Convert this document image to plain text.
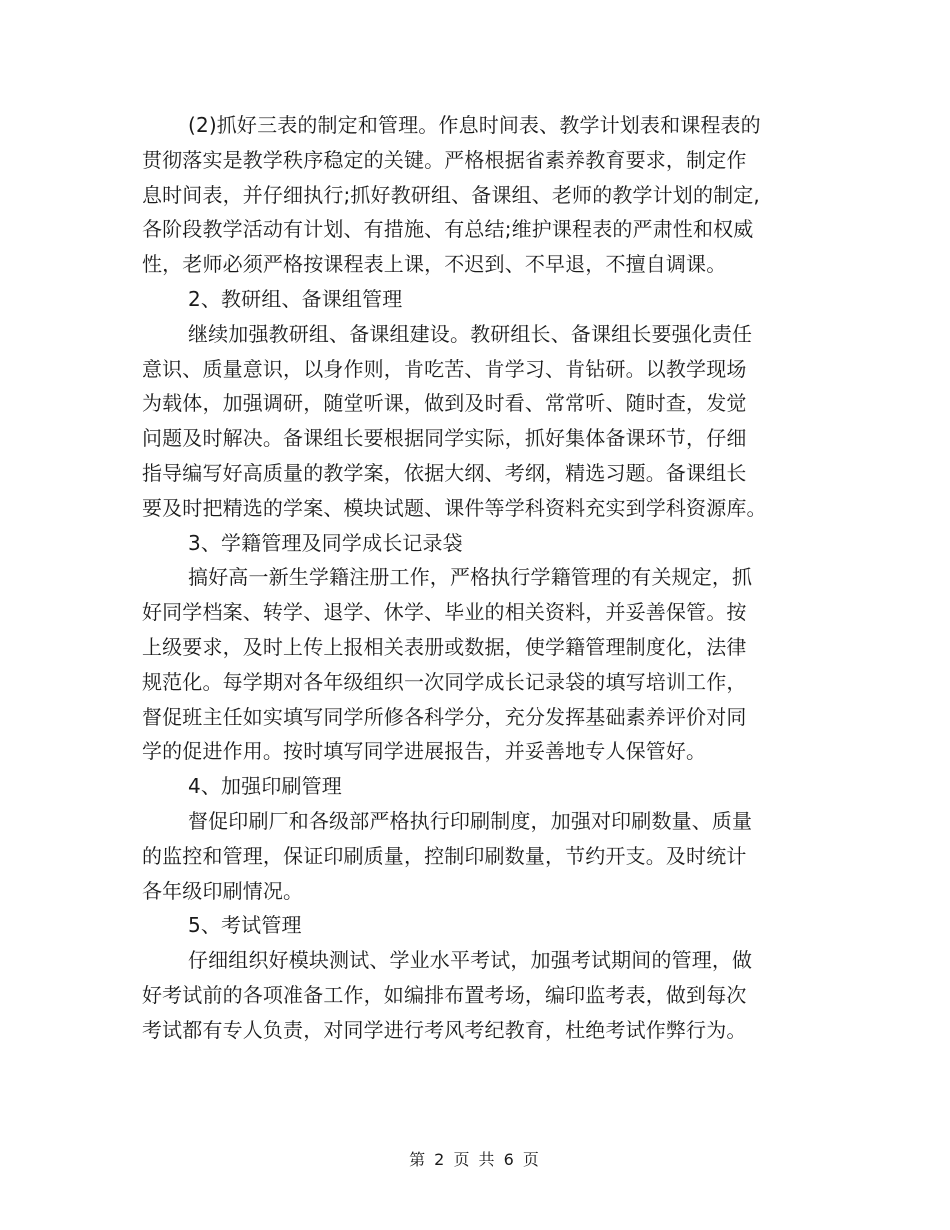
(2)抓好三表的制定和管理。作息时间表、教学计划表和课程表的
贯彻落实是教学秩序稳定的关键。严格根据省素养教育要求，制定作
息时间表，并仔细执行;抓好教研组、备课组、老师的教学计划的制定,
各阶段教学活动有计划、有措施、有总结;维护课程表的严肃性和权威
性，老师必须严格按课程表上课，不迟到、不早退，不擅自调课。
2、教研组、备课组管理
继续加强教研组、备课组建设。教研组长、备课组长要强化责任
意识、质量意识，以身作则，肯吃苦、肯学习、肯钻研。以教学现场
为载体，加强调研，随堂听课，做到及时看、常常听、随时查，发觉
问题及时解决。备课组长要根据同学实际，抓好集体备课环节，仔细
指导编写好高质量的教学案，依据大纲、考纲，精选习题。备课组长
要及时把精选的学案、模块试题、课件等学科资料充实到学科资源库。
3、学籍管理及同学成长记录袋
搞好高一新生学籍注册工作，严格执行学籍管理的有关规定，抓
好同学档案、转学、退学、休学、毕业的相关资料，并妥善保管。按
上级要求，及时上传上报相关表册或数据，使学籍管理制度化，法律
规范化。每学期对各年级组织一次同学成长记录袋的填写培训工作，
督促班主任如实填写同学所修各科学分，充分发挥基础素养评价对同
学的促进作用。按时填写同学进展报告，并妥善地专人保管好。
4、加强印刷管理
督促印刷厂和各级部严格执行印刷制度，加强对印刷数量、质量
的监控和管理，保证印刷质量，控制印刷数量，节约开支。及时统计
各年级印刷情况。
5、考试管理
仔细组织好模块测试、学业水平考试，加强考试期间的管理，做
好考试前的各项准备工作，如编排布置考场，编印监考表，做到每次
考试都有专人负责，对同学进行考风考纪教育，杜绝考试作弊行为。
第 2 页 共 6 页
